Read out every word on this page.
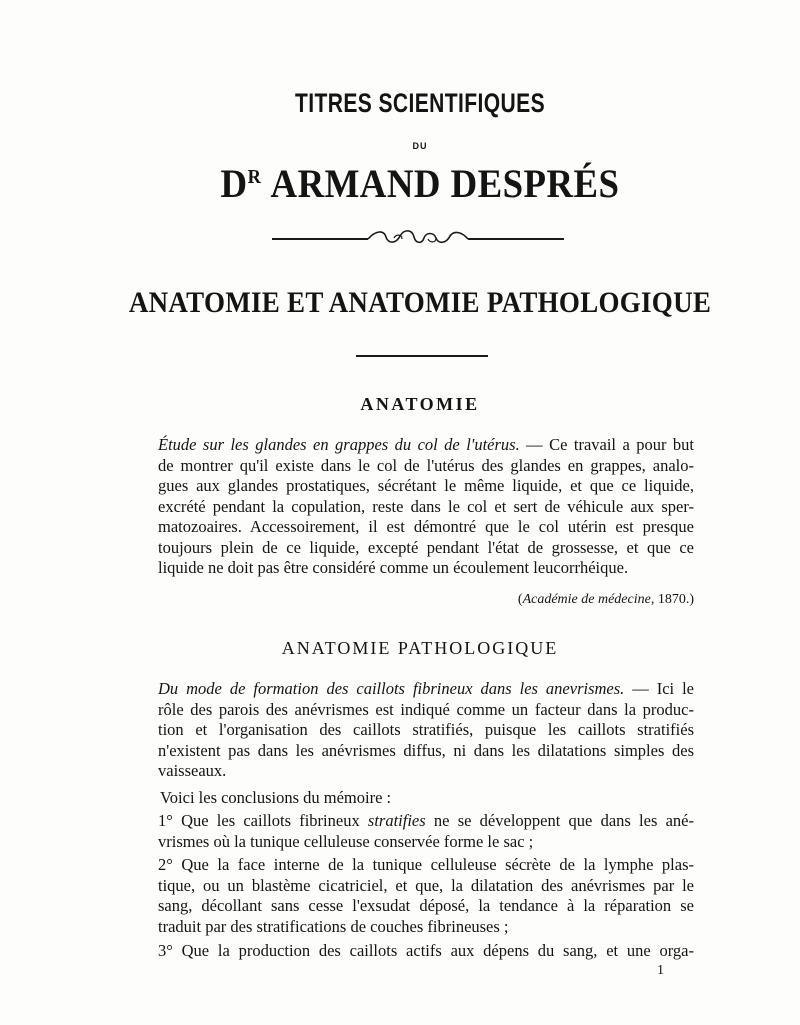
TITRES SCIENTIFIQUES
DU
$D^R$ ARMAND DESPRÉS
ANATOMIE ET ANATOMIE PATHOLOGIQUE
ANATOMIE
Étude sur les glandes en grappes du col de l'utérus. — Ce travail a pour but
de montrer qu'il existe dans le col de l'utérus des glandes en grappes, analo-
gues aux glandes prostatiques, sécrétant le même liquide, et que ce liquide,
excrété pendant la copulation, reste dans le col et sert de véhicule aux sper-
matozoaires. Accessoirement, il est démontré que le col utérin est presque
toujours plein de ce liquide, excepté pendant l'état de grossesse, et que ce
liquide ne doit pas être considéré comme un écoulement leucorrhéique.
(Académie de médecine, 1870.)
ANATOMIE PATHOLOGIQUE
Du mode de formation des caillots fibrineux dans les anevrismes. — Ici le
rôle des parois des anévrismes est indiqué comme un facteur dans la produc-
tion et l'organisation des caillots stratifiés, puisque les caillots stratifiés
n'existent pas dans les anévrismes diffus, ni dans les dilatations simples des
vaisseaux.
Voici les conclusions du mémoire :
1° Que les caillots fibrineux stratifies ne se développent que dans les ané-
vrismes où la tunique celluleuse conservée forme le sac ;
2° Que la face interne de la tunique celluleuse sécrète de la lymphe plas-
tique, ou un blastème cicatriciel, et que, la dilatation des anévrismes par le
sang, décollant sans cesse l'exsudat déposé, la tendance à la réparation se
traduit par des stratifications de couches fibrineuses ;
3° Que la production des caillots actifs aux dépens du sang, et une orga-
1
